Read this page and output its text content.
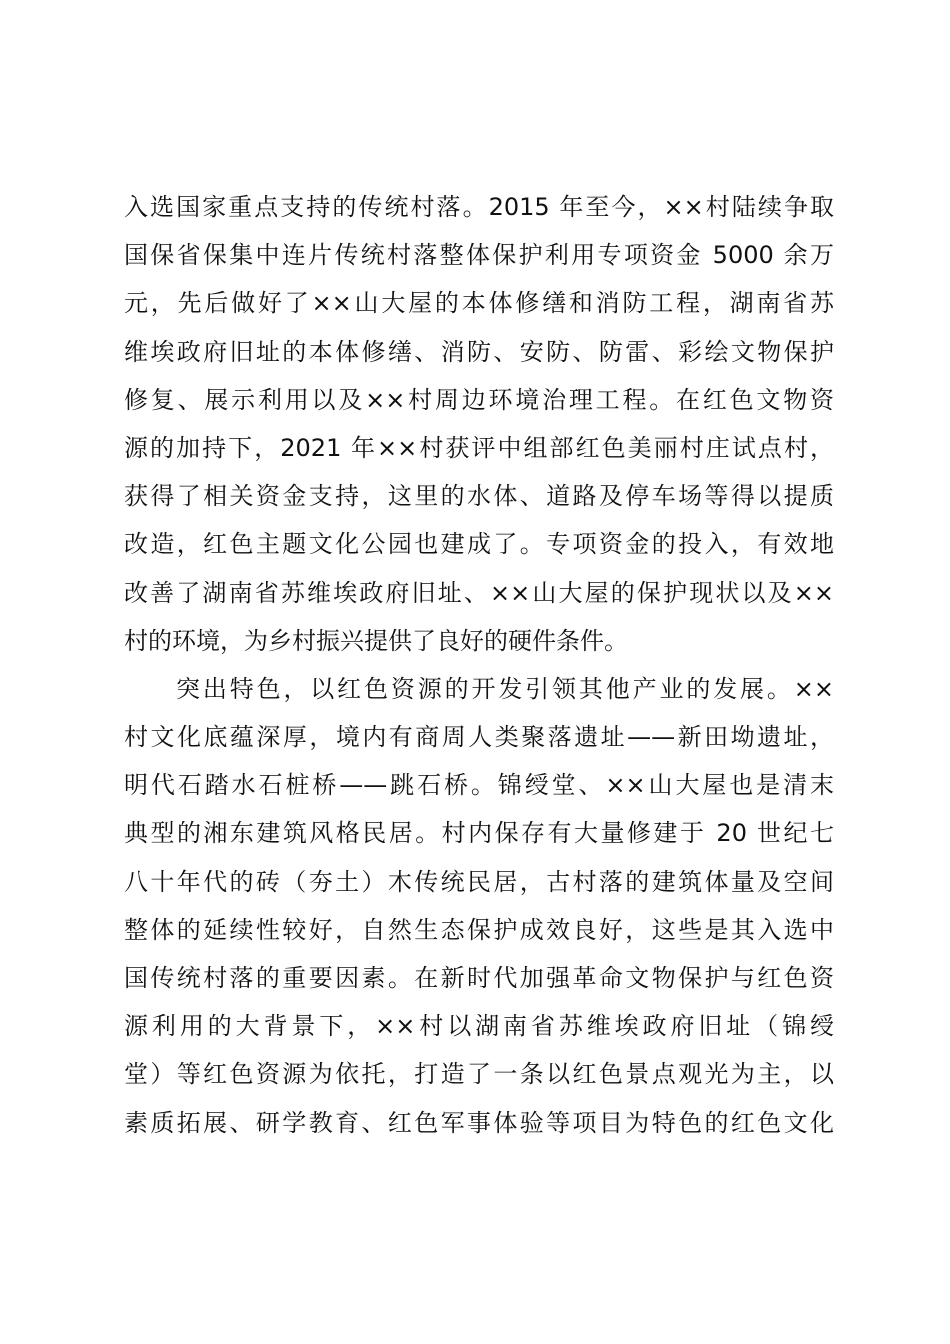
入选国家重点支持的传统村落。2015 年至今，××村陆续争取
国保省保集中连片传统村落整体保护利用专项资金 5000 余万
元，先后做好了××山大屋的本体修缮和消防工程，湖南省苏
维埃政府旧址的本体修缮、消防、安防、防雷、彩绘文物保护
修复、展示利用以及××村周边环境治理工程。在红色文物资
源的加持下，2021 年××村获评中组部红色美丽村庄试点村，
获得了相关资金支持，这里的水体、道路及停车场等得以提质
改造，红色主题文化公园也建成了。专项资金的投入，有效地
改善了湖南省苏维埃政府旧址、××山大屋的保护现状以及××
村的环境，为乡村振兴提供了良好的硬件条件。
突出特色，以红色资源的开发引领其他产业的发展。××
村文化底蕴深厚，境内有商周人类聚落遗址——新田坳遗址，
明代石踏水石桩桥——跳石桥。锦绶堂、××山大屋也是清末
典型的湘东建筑风格民居。村内保存有大量修建于 20 世纪七
八十年代的砖（夯土）木传统民居，古村落的建筑体量及空间
整体的延续性较好，自然生态保护成效良好，这些是其入选中
国传统村落的重要因素。在新时代加强革命文物保护与红色资
源利用的大背景下，××村以湖南省苏维埃政府旧址（锦绶
堂）等红色资源为依托，打造了一条以红色景点观光为主，以
素质拓展、研学教育、红色军事体验等项目为特色的红色文化
